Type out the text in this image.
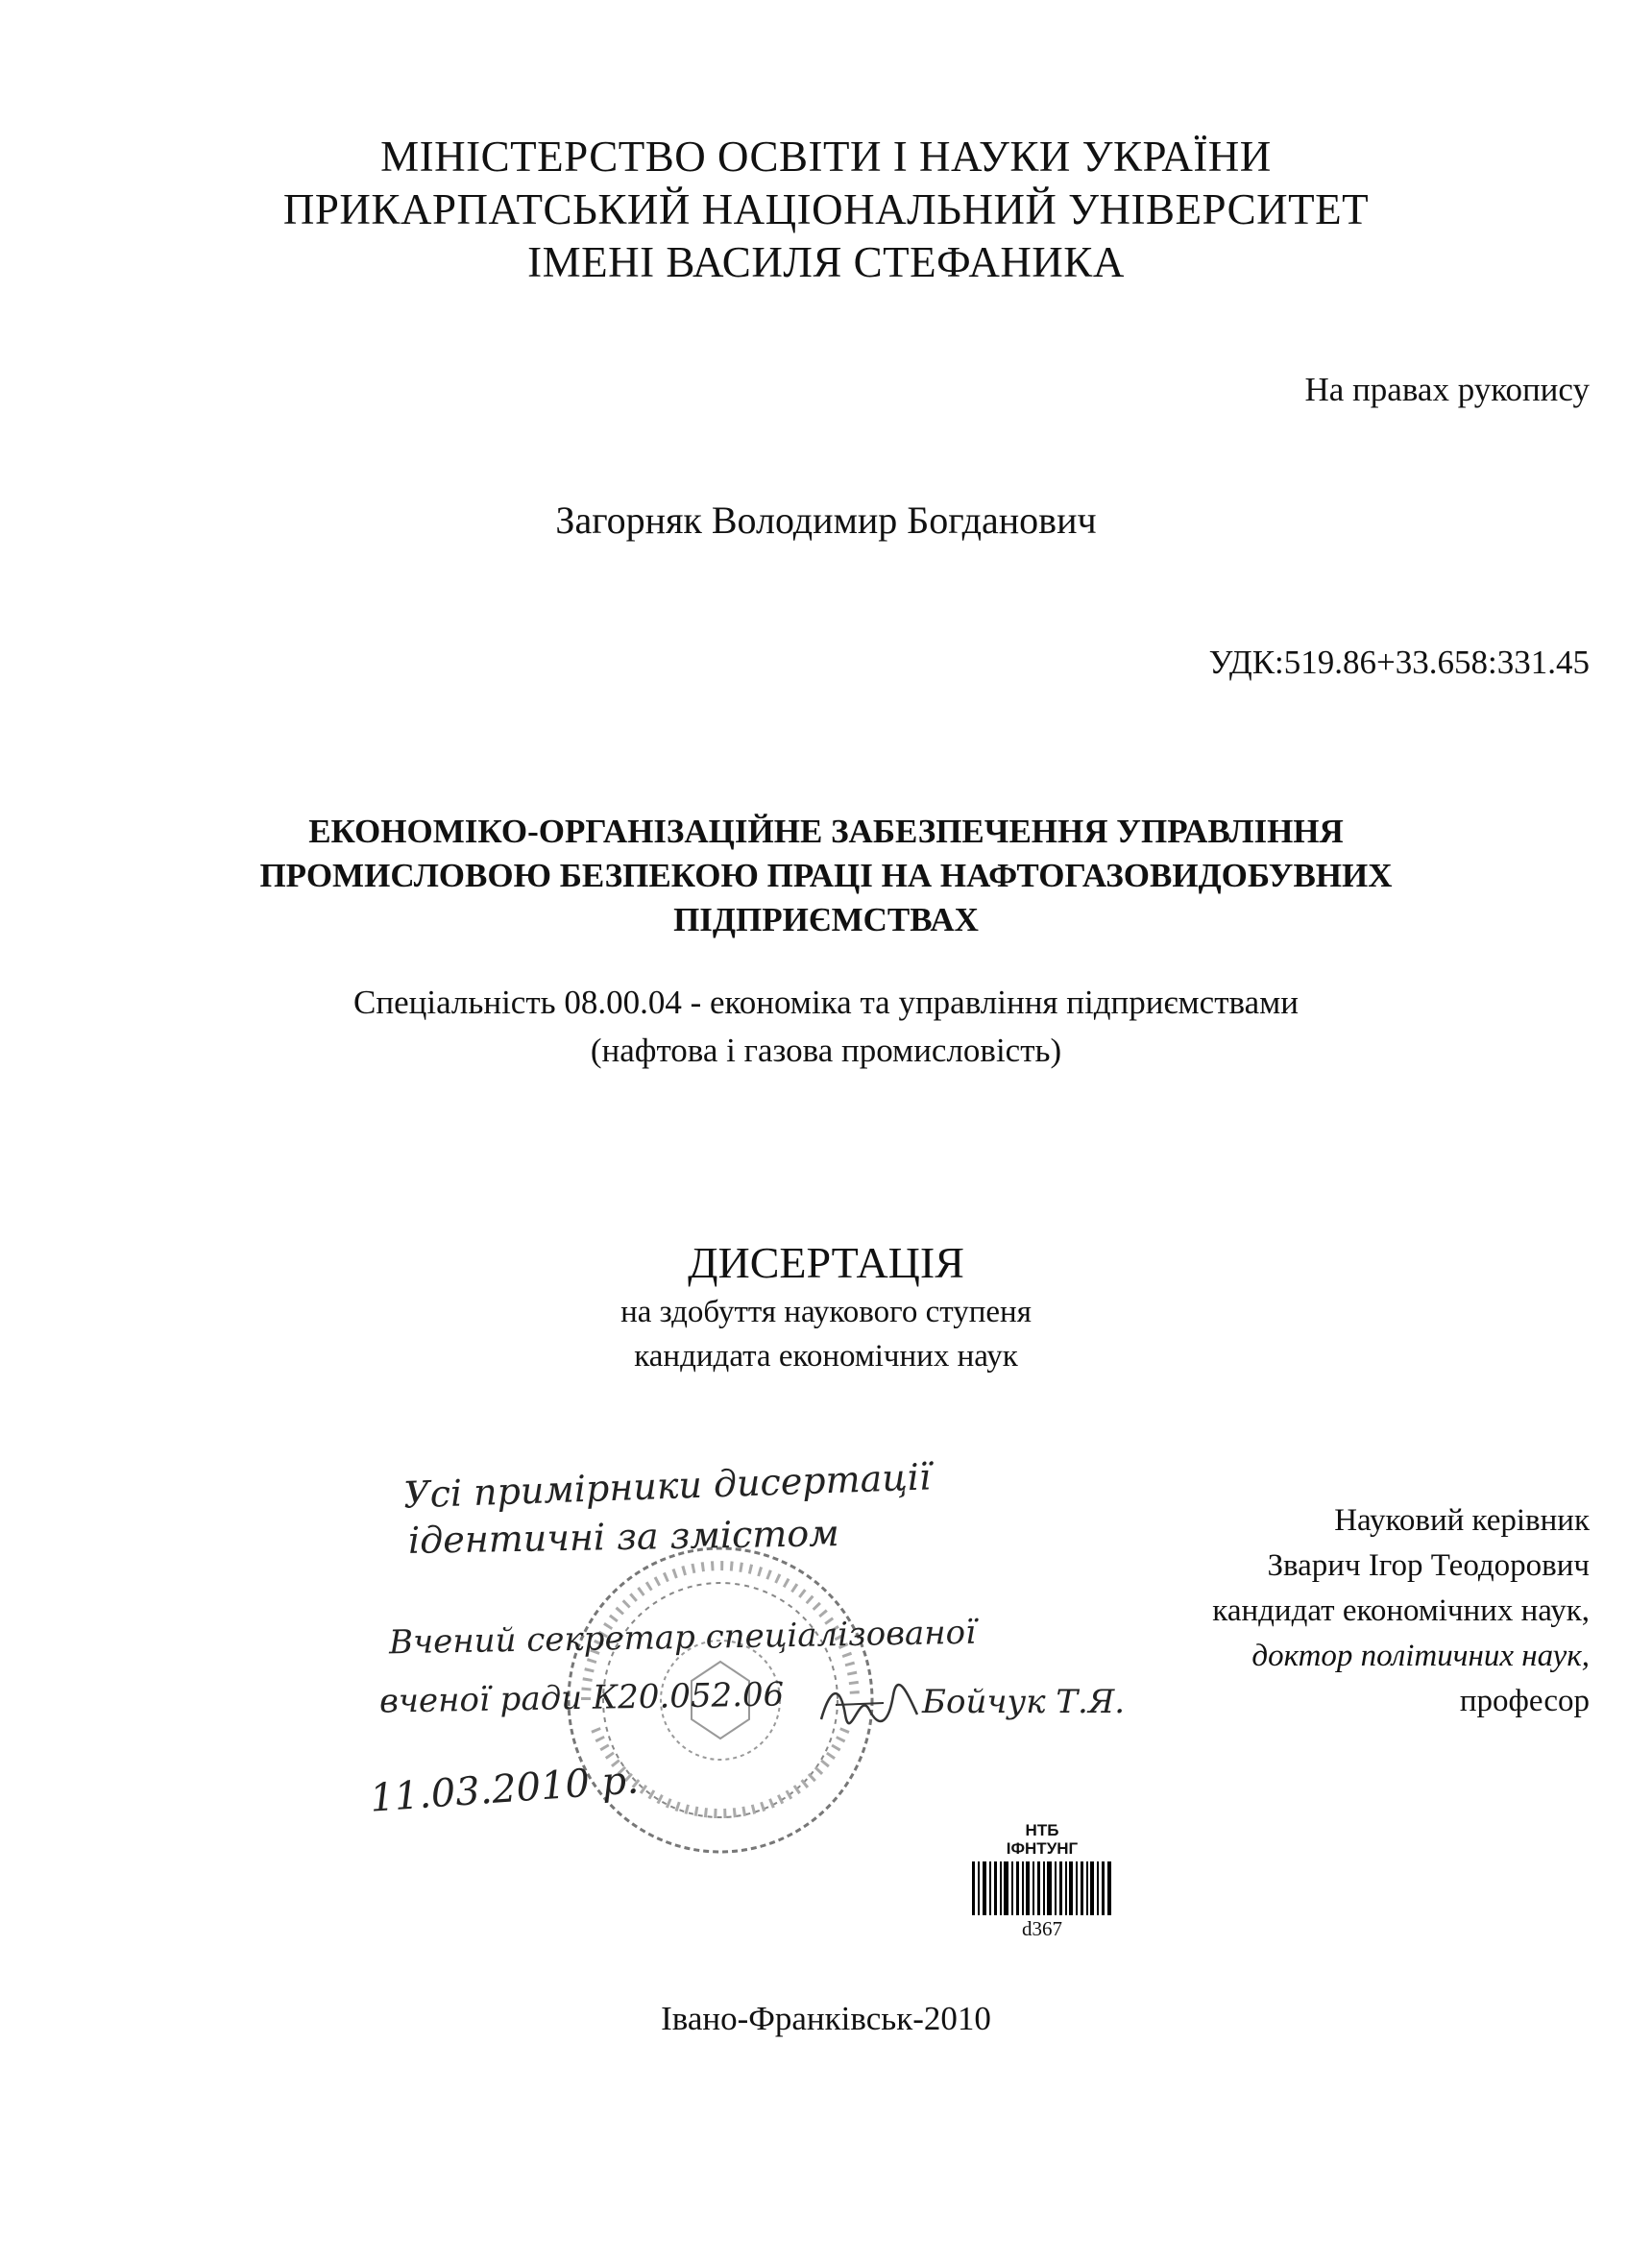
МІНІСТЕРСТВО ОСВІТИ І НАУКИ УКРАЇНИ
ПРИКАРПАТСЬКИЙ НАЦІОНАЛЬНИЙ УНІВЕРСИТЕТ
ІМЕНІ ВАСИЛЯ СТЕФАНИКА
На правах рукопису
Загорняк Володимир Богданович
УДК:519.86+33.658:331.45
ЕКОНОМІКО-ОРГАНІЗАЦІЙНЕ ЗАБЕЗПЕЧЕННЯ УПРАВЛІННЯ
ПРОМИСЛОВОЮ БЕЗПЕКОЮ ПРАЦІ НА НАФТОГАЗОВИДОБУВНИХ
ПІДПРИЄМСТВАХ
Спеціальність 08.00.04 - економіка та управління підприємствами
(нафтова і газова промисловість)
ДИСЕРТАЦІЯ
на здобуття наукового ступеня
кандидата економічних наук
Науковий керівник
Зварич Ігор Теодорович
кандидат економічних наук,
доктор політичних наук,
професор
Усі примірники дисертації
ідентичні за змістом
Вчений секретар спеціалізованої
вченої ради К20.052.06	Бойчук Т.Я.
11.03.2010 р.
НТБ
ІФНТУНГ
d367
Івано-Франківськ-2010
